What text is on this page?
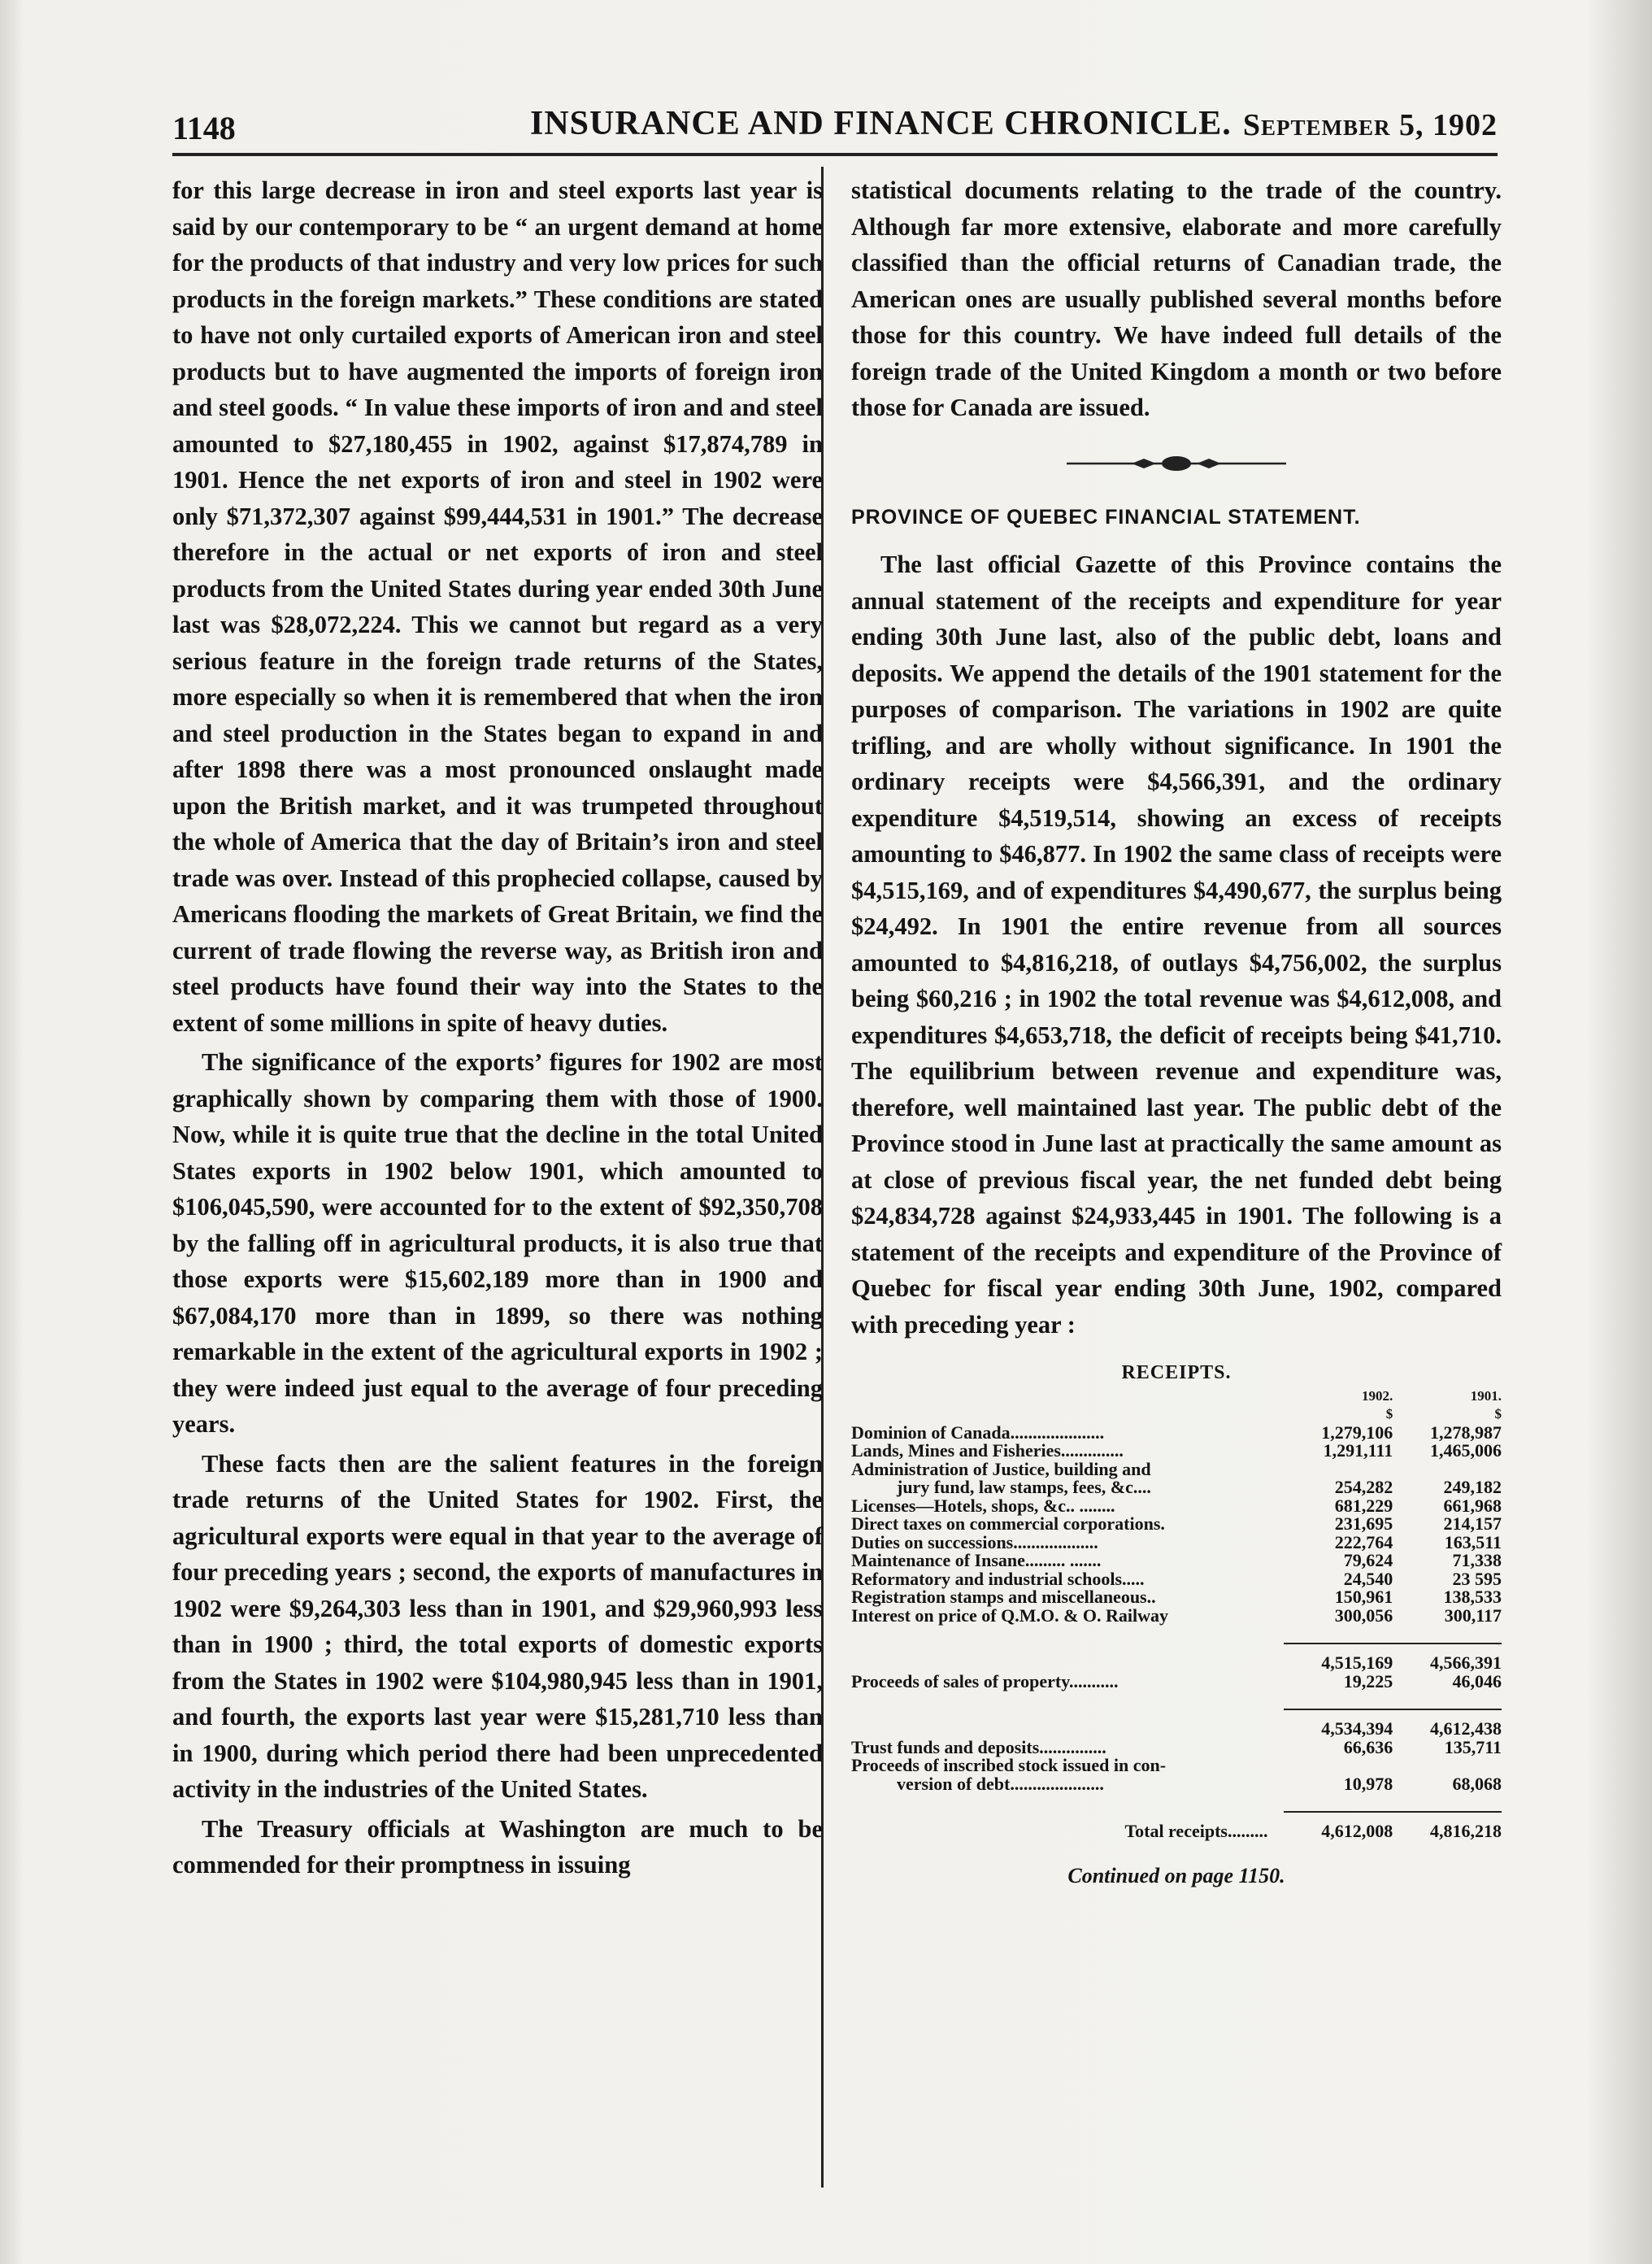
1148	INSURANCE AND FINANCE CHRONICLE. September 5, 1902

for this large decrease in iron and steel exports last year is said by our contemporary to be “ an urgent demand at home for the products of that industry and very low prices for such products in the foreign markets.” These conditions are stated to have not only curtailed exports of American iron and steel products but to have augmented the imports of foreign iron and steel goods. “ In value these imports of iron and and steel amounted to $27,180,455 in 1902, against $17,874,789 in 1901. Hence the net exports of iron and steel in 1902 were only $71,372,307 against $99,444,531 in 1901.” The decrease therefore in the actual or net exports of iron and steel products from the United States during year ended 30th June last was $28,072,224. This we cannot but regard as a very serious feature in the foreign trade returns of the States, more especially so when it is remembered that when the iron and steel production in the States began to expand in and after 1898 there was a most pronounced onslaught made upon the British market, and it was trumpeted throughout the whole of America that the day of Britain’s iron and steel trade was over. Instead of this prophecied collapse, caused by Americans flooding the markets of Great Britain, we find the current of trade flowing the reverse way, as British iron and steel products have found their way into the States to the extent of some millions in spite of heavy duties.

The significance of the exports’ figures for 1902 are most graphically shown by comparing them with those of 1900. Now, while it is quite true that the decline in the total United States exports in 1902 below 1901, which amounted to $106,045,590, were accounted for to the extent of $92,350,708 by the falling off in agricultural products, it is also true that those exports were $15,602,189 more than in 1900 and $67,084,170 more than in 1899, so there was nothing remarkable in the extent of the agricultural exports in 1902 ; they were indeed just equal to the average of four preceding years.

These facts then are the salient features in the foreign trade returns of the United States for 1902. First, the agricultural exports were equal in that year to the average of four preceding years ; second, the exports of manufactures in 1902 were $9,264,303 less than in 1901, and $29,960,993 less than in 1900 ; third, the total exports of domestic exports from the States in 1902 were $104,980,945 less than in 1901, and fourth, the exports last year were $15,281,710 less than in 1900, during which period there had been unprecedented activity in the industries of the United States.

The Treasury officials at Washington are much to be commended for their promptness in issuing

statistical documents relating to the trade of the country. Although far more extensive, elaborate and more carefully classified than the official returns of Canadian trade, the American ones are usually published several months before those for this country. We have indeed full details of the foreign trade of the United Kingdom a month or two before those for Canada are issued.

PROVINCE OF QUEBEC FINANCIAL STATEMENT.

The last official Gazette of this Province contains the annual statement of the receipts and expenditure for year ending 30th June last, also of the public debt, loans and deposits. We append the details of the 1901 statement for the purposes of comparison. The variations in 1902 are quite trifling, and are wholly without significance. In 1901 the ordinary receipts were $4,566,391, and the ordinary expenditure $4,519,514, showing an excess of receipts amounting to $46,877. In 1902 the same class of receipts were $4,515,169, and of expenditures $4,490,677, the surplus being $24,492. In 1901 the entire revenue from all sources amounted to $4,816,218, of outlays $4,756,002, the surplus being $60,216 ; in 1902 the total revenue was $4,612,008, and expenditures $4,653,718, the deficit of receipts being $41,710. The equilibrium between revenue and expenditure was, therefore, well maintained last year. The public debt of the Province stood in June last at practically the same amount as at close of previous fiscal year, the net funded debt being $24,834,728 against $24,933,445 in 1901. The following is a statement of the receipts and expenditure of the Province of Quebec for fiscal year ending 30th June, 1902, compared with preceding year :

RECEIPTS.
	1902.	1901.
	$	$
Dominion of Canada.....................	1,279,106	1,278,987
Lands, Mines and Fisheries..............	1,291,111	1,465,006
Administration of Justice, building and		
jury fund, law stamps, fees, &c....	254,282	249,182
Licenses—Hotels, shops, &c.. ........	681,229	661,968
Direct taxes on commercial corporations.	231,695	214,157
Duties on successions...................	222,764	163,511
Maintenance of Insane......... .......	79,624	71,338
Reformatory and industrial schools.....	24,540	23 595
Registration stamps and miscellaneous..	150,961	138,533
Interest on price of Q.M.O. & O. Railway	300,056	300,117

	4,515,169	4,566,391
Proceeds of sales of property...........	19,225	46,046

	4,534,394	4,612,438
Trust funds and deposits...............	66,636	135,711
Proceeds of inscribed stock issued in con-		
version of debt.....................	10,978	68,068

Total receipts.........	4,612,008	4,816,218
Continued on page 1150.
